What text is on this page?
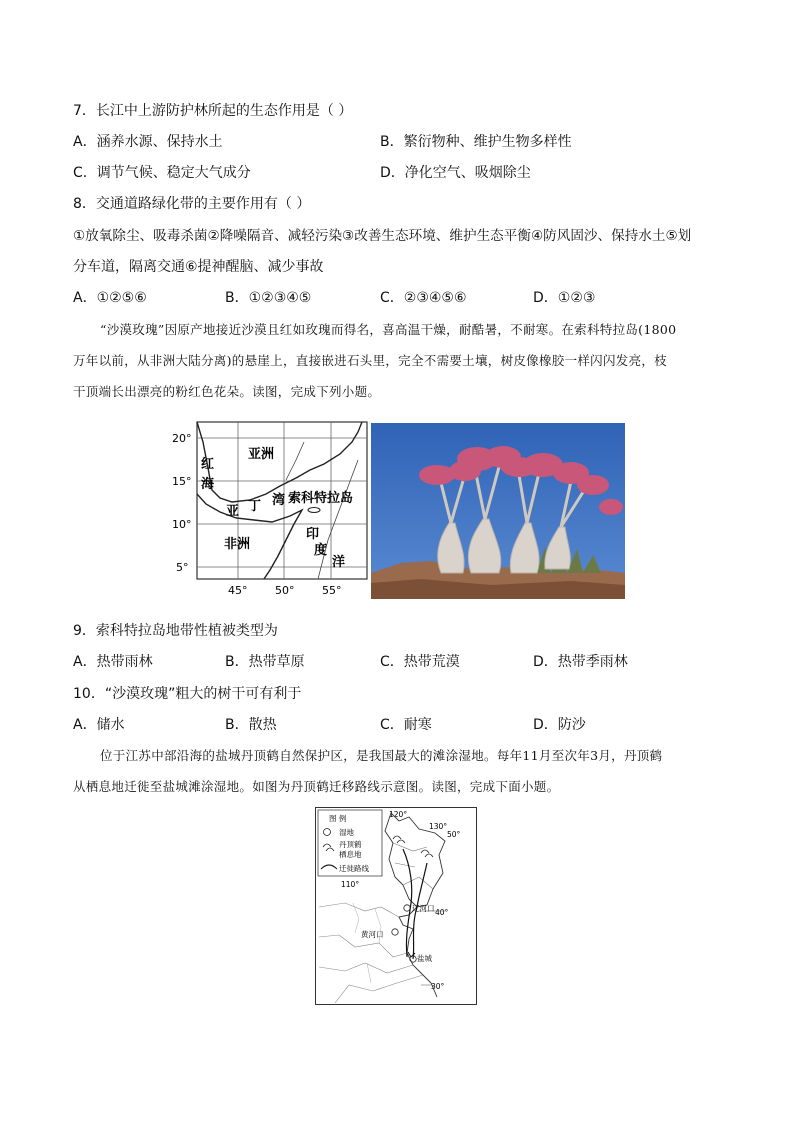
7．长江中上游防护林所起的生态作用是（ ）
A．涵养水源、保持水土	B．繁衍物种、维护生物多样性
C．调节气候、稳定大气成分	D．净化空气、吸烟除尘
8．交通道路绿化带的主要作用有（ ）
①放氧除尘、吸毒杀菌②降噪隔音、减轻污染③改善生态环境、维护生态平衡④防风固沙、保持水土⑤划
分车道，隔离交通⑥提神醒脑、减少事故
A．①②⑤⑥	B．①②③④⑤	C．②③④⑤⑥	D．①②③
“沙漠玫瑰”因原产地接近沙漠且红如玫瑰而得名，喜高温干燥，耐酷暑，不耐寒。在索科特拉岛(1800
万年以前，从非洲大陆分离)的悬崖上，直接嵌进石头里，完全不需要土壤，树皮像橡胶一样闪闪发亮，枝
干顶端长出漂亮的粉红色花朵。读图，完成下列小题。
20°
15°
10°
5°
45°	50°	55°
亚洲
红
海
亚 丁 湾 索科特拉岛
非洲
印
度
洋
9．索科特拉岛地带性植被类型为
A．热带雨林	B．热带草原	C．热带荒漠	D．热带季雨林
10．“沙漠玫瑰”粗大的树干可有利于
A．储水	B．散热	C．耐寒	D．防沙
位于江苏中部沿海的盐城丹顶鹤自然保护区，是我国最大的滩涂湿地。每年11月至次年3月，丹顶鹤
从栖息地迁徙至盐城滩涂湿地。如图为丹顶鹤迁移路线示意图。读图，完成下面小题。
图 例
湿地
丹顶鹤
栖息地
迁徙路线
120°
130°
50°
110°
40°
30°
辽河口
黄河口
盐城
